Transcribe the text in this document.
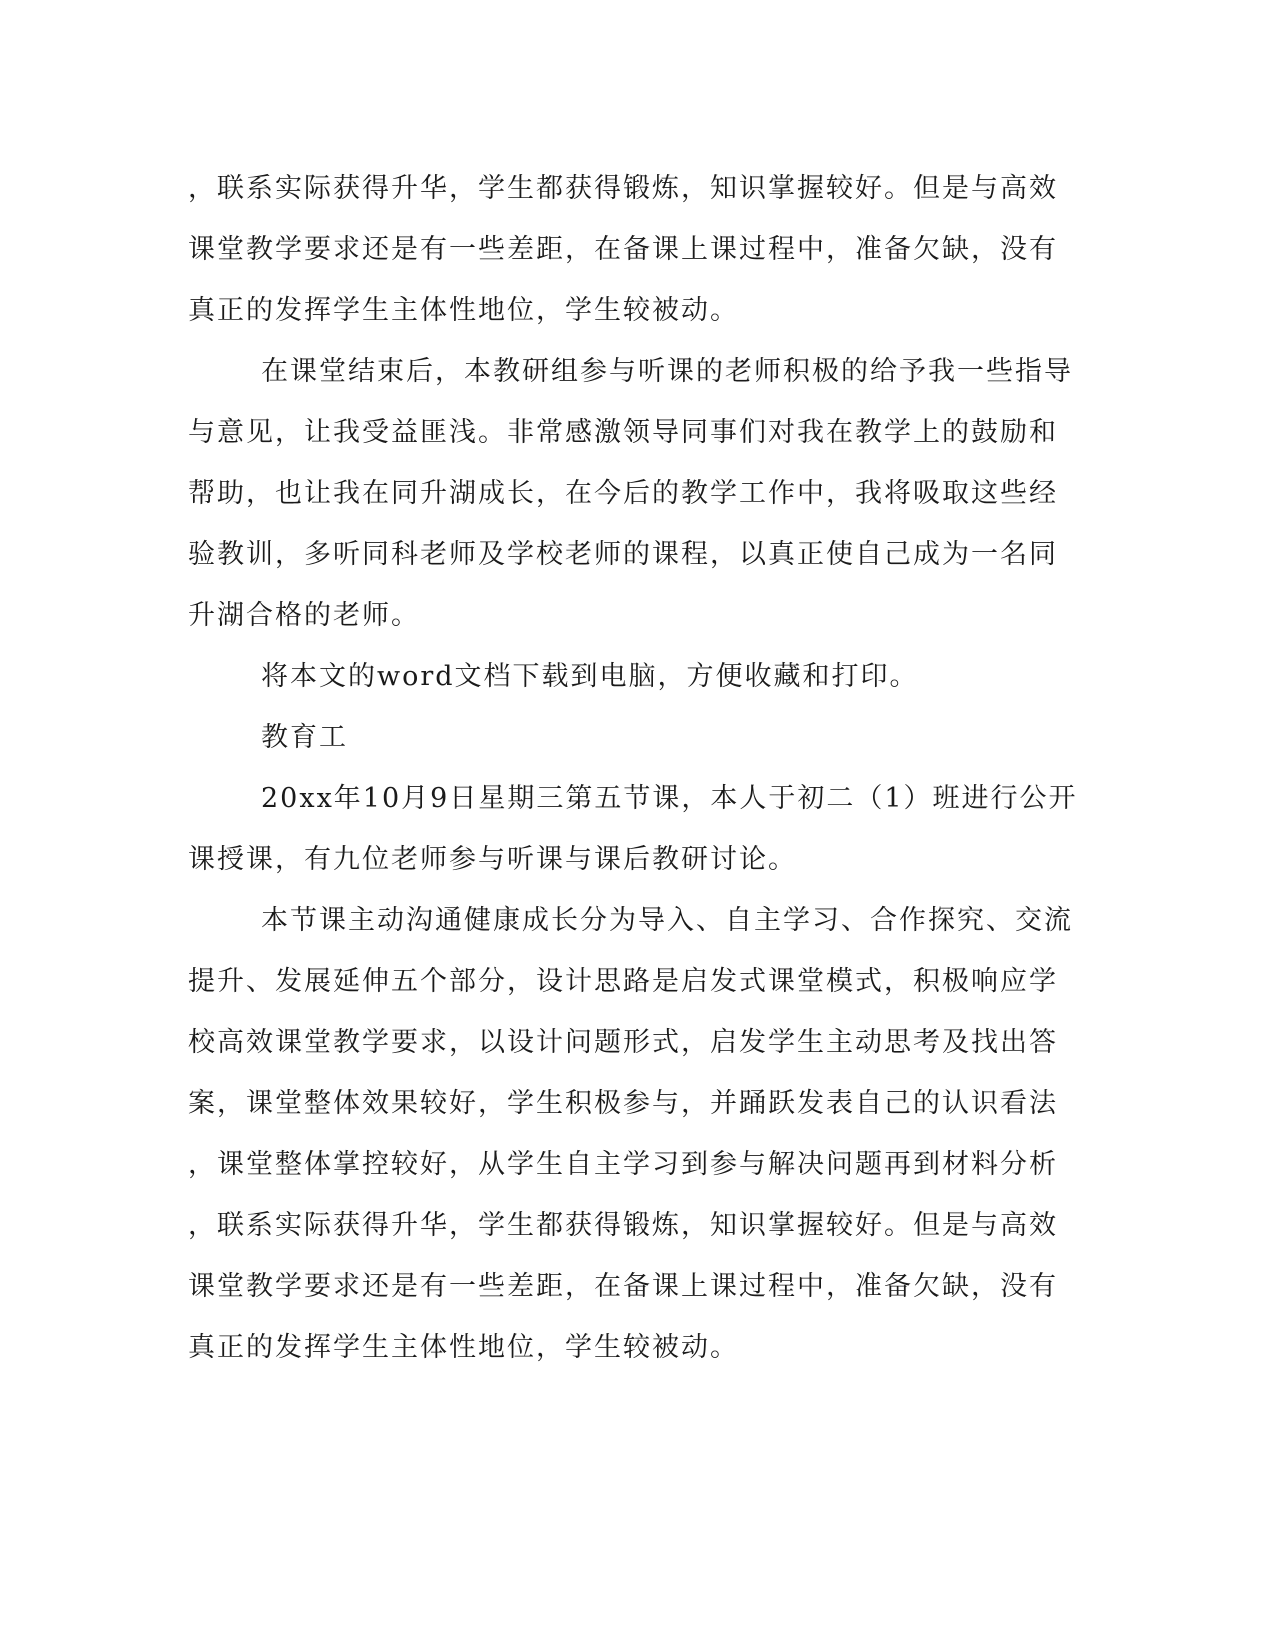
，联系实际获得升华，学生都获得锻炼，知识掌握较好。但是与高效
课堂教学要求还是有一些差距，在备课上课过程中，准备欠缺，没有
真正的发挥学生主体性地位，学生较被动。
在课堂结束后，本教研组参与听课的老师积极的给予我一些指导
与意见，让我受益匪浅。非常感激领导同事们对我在教学上的鼓励和
帮助，也让我在同升湖成长，在今后的教学工作中，我将吸取这些经
验教训，多听同科老师及学校老师的课程，以真正使自己成为一名同
升湖合格的老师。
将本文的word文档下载到电脑，方便收藏和打印。
教育工
20xx年10月9日星期三第五节课，本人于初二（1）班进行公开
课授课，有九位老师参与听课与课后教研讨论。
本节课主动沟通健康成长分为导入、自主学习、合作探究、交流
提升、发展延伸五个部分，设计思路是启发式课堂模式，积极响应学
校高效课堂教学要求，以设计问题形式，启发学生主动思考及找出答
案，课堂整体效果较好，学生积极参与，并踊跃发表自己的认识看法
，课堂整体掌控较好，从学生自主学习到参与解决问题再到材料分析
，联系实际获得升华，学生都获得锻炼，知识掌握较好。但是与高效
课堂教学要求还是有一些差距，在备课上课过程中，准备欠缺，没有
真正的发挥学生主体性地位，学生较被动。
